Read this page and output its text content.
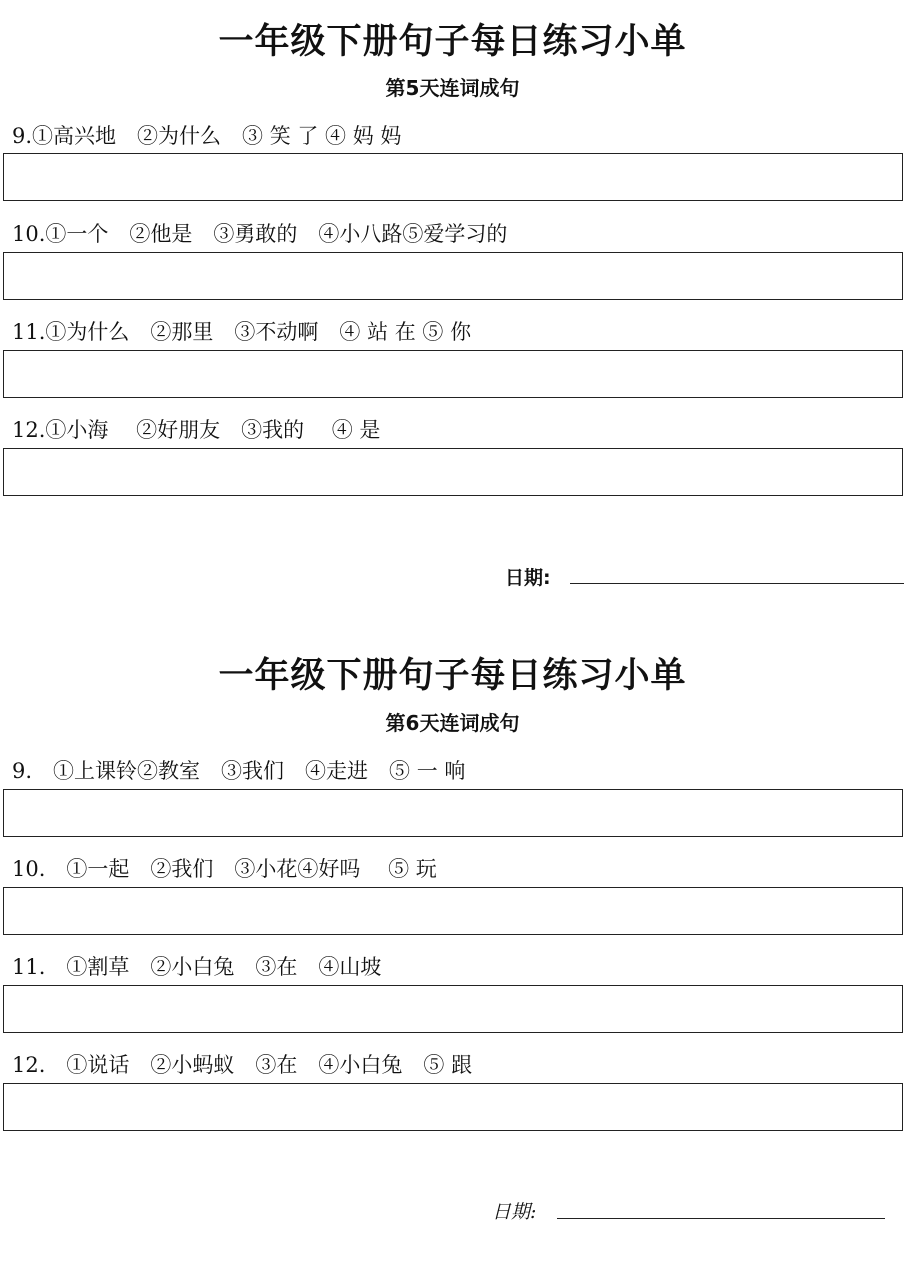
一年级下册句子每日练习小单
第5天连词成句
9.①高兴地　②为什么　③ 笑 了 ④ 妈 妈
10.①一个　②他是　③勇敢的　④小八路⑤爱学习的
11.①为什么　②那里　③不动啊　④ 站 在 ⑤ 你
12.①小海　 ②好朋友　③我的　 ④ 是
日期:
一年级下册句子每日练习小单
第6天连词成句
9.　①上课铃②教室　③我们　④走进　⑤ 一 响
10.　①一起　②我们　③小花④好吗　 ⑤ 玩
11.　①割草　②小白兔　③在　④山坡
12.　①说话　②小蚂蚁　③在　④小白兔　⑤ 跟
日期:
